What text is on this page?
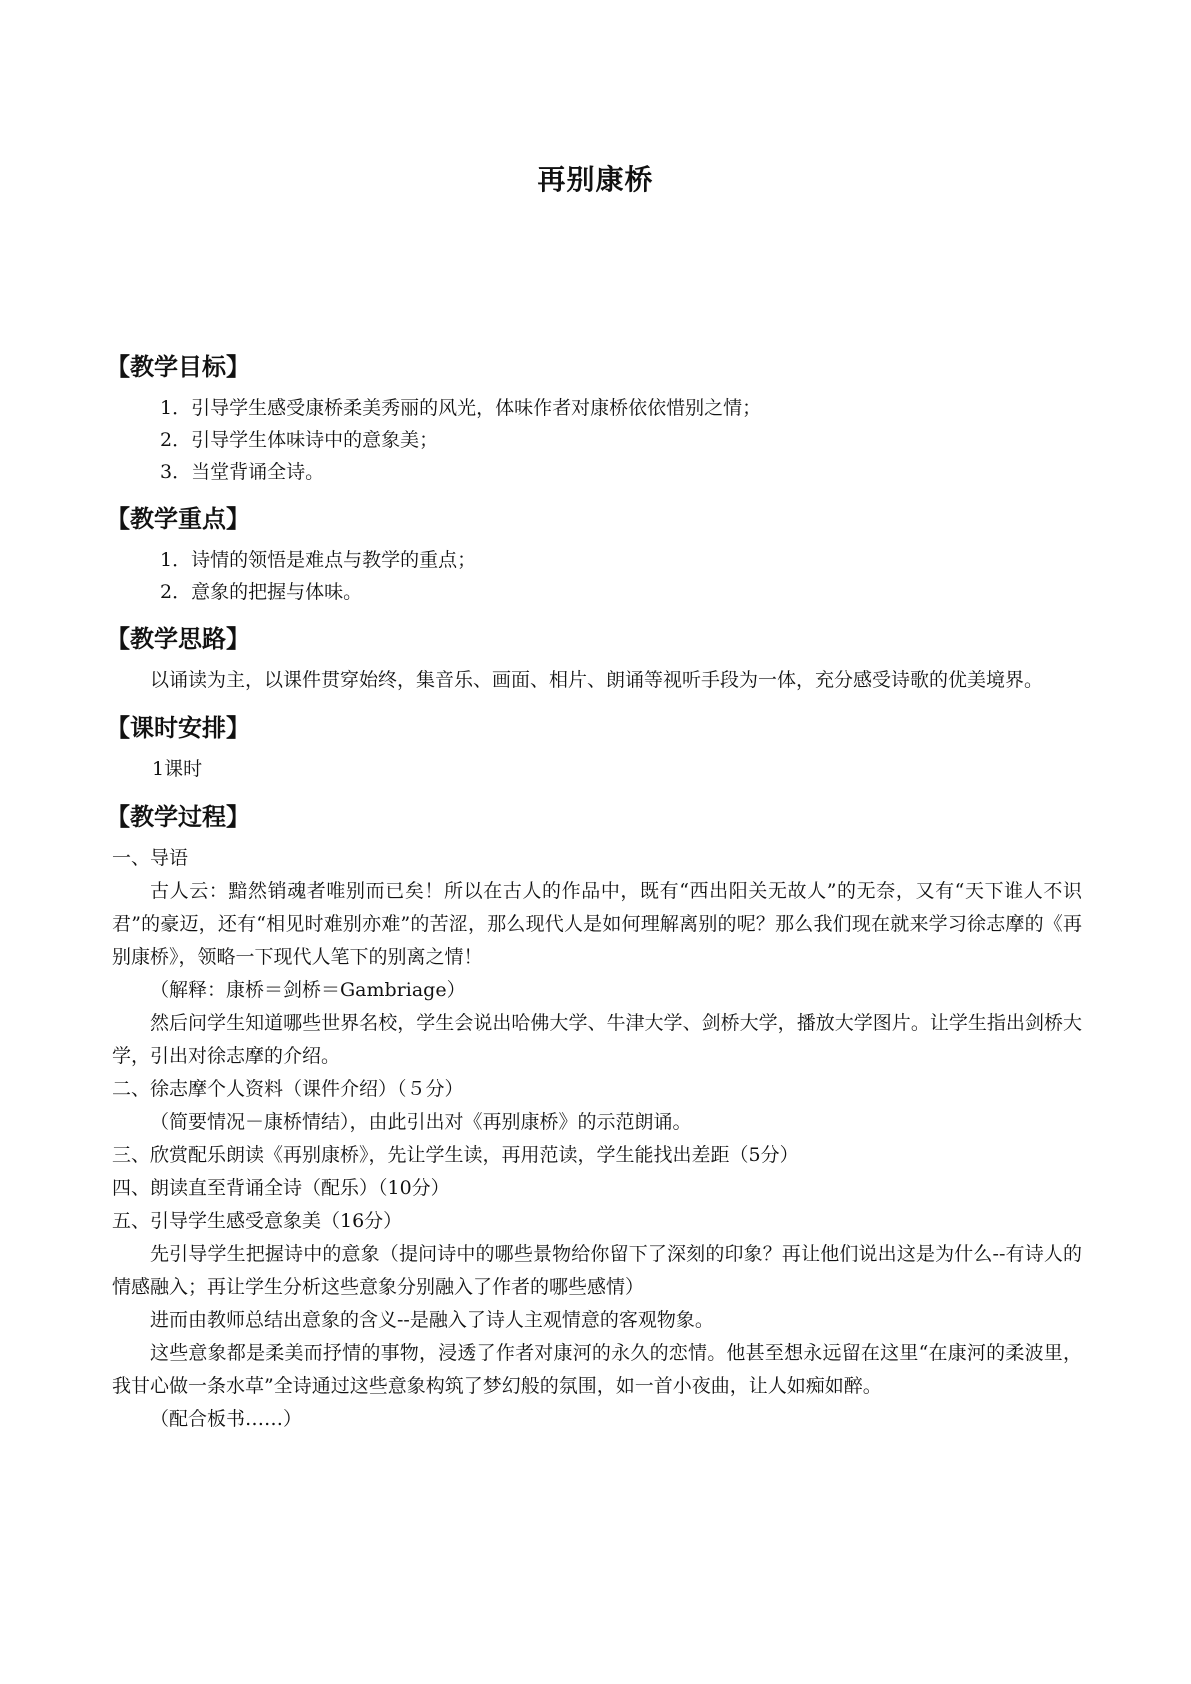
再别康桥
【教学目标】

1．引导学生感受康桥柔美秀丽的风光，体味作者对康桥依依惜别之情；

2．引导学生体味诗中的意象美；

3．当堂背诵全诗。

【教学重点】

1．诗情的领悟是难点与教学的重点；

2．意象的把握与体味。

【教学思路】

以诵读为主，以课件贯穿始终，集音乐、画面、相片、朗诵等视听手段为一体，充分感受诗歌的优美境界。

【课时安排】

1课时

【教学过程】

一、导语

古人云：黯然销魂者唯别而已矣！所以在古人的作品中，既有“西出阳关无故人”的无奈，又有“天下谁人不识君”的豪迈，还有“相见时难别亦难”的苦涩，那么现代人是如何理解离别的呢？那么我们现在就来学习徐志摩的《再别康桥》，领略一下现代人笔下的别离之情！

（解释：康桥＝剑桥＝Gambriage）

然后问学生知道哪些世界名校，学生会说出哈佛大学、牛津大学、剑桥大学，播放大学图片。让学生指出剑桥大学，引出对徐志摩的介绍。

二、徐志摩个人资料（课件介绍）（５分）

（简要情况－康桥情结），由此引出对《再别康桥》的示范朗诵。

三、欣赏配乐朗读《再别康桥》，先让学生读，再用范读，学生能找出差距（5分）

四、朗读直至背诵全诗（配乐）（10分）

五、引导学生感受意象美（16分）

先引导学生把握诗中的意象（提问诗中的哪些景物给你留下了深刻的印象？再让他们说出这是为什么--有诗人的情感融入；再让学生分析这些意象分别融入了作者的哪些感情）

进而由教师总结出意象的含义--是融入了诗人主观情意的客观物象。

这些意象都是柔美而抒情的事物，浸透了作者对康河的永久的恋情。他甚至想永远留在这里“在康河的柔波里，我甘心做一条水草”全诗通过这些意象构筑了梦幻般的氛围，如一首小夜曲，让人如痴如醉。

（配合板书……）
